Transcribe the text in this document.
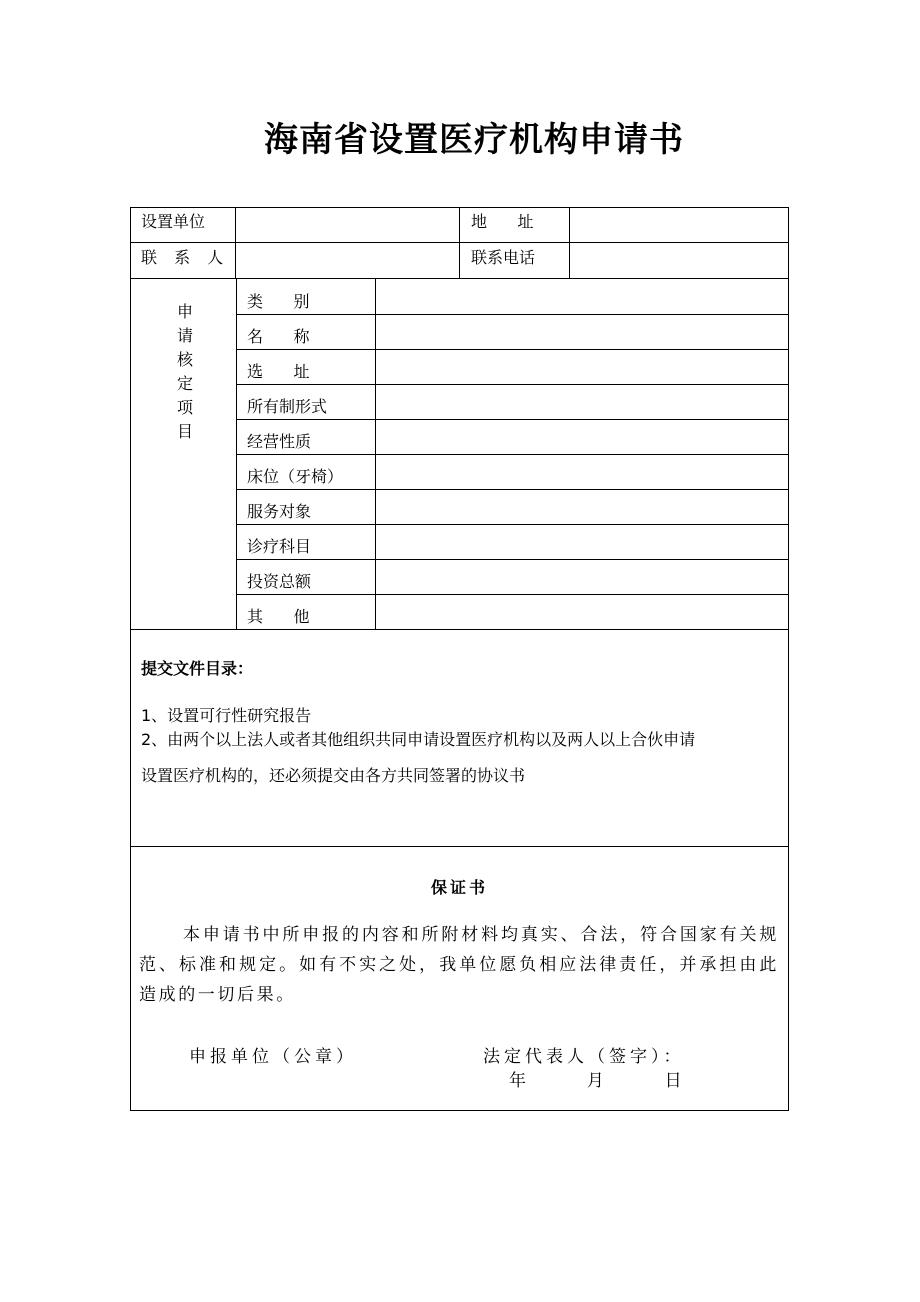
海南省设置医疗机构申请书
设置单位	地      址
联 系 人	联系电话
申
请
核
定
项
目
类      别
名      称
选      址
所有制形式
经营性质
床位（牙椅）
服务对象
诊疗科目
投资总额
其      他
提交文件目录：
1、设置可行性研究报告
2、由两个以上法人或者其他组织共同申请设置医疗机构以及两人以上合伙申请
设置医疗机构的，还必须提交由各方共同签署的协议书
保证书
本申请书中所申报的内容和所附材料均真实、合法，符合国家有关规范、标准和规定。如有不实之处，我单位愿负相应法律责任，并承担由此造成的一切后果。
申报单位（公章）	法定代表人（签字）：
年	月	日
